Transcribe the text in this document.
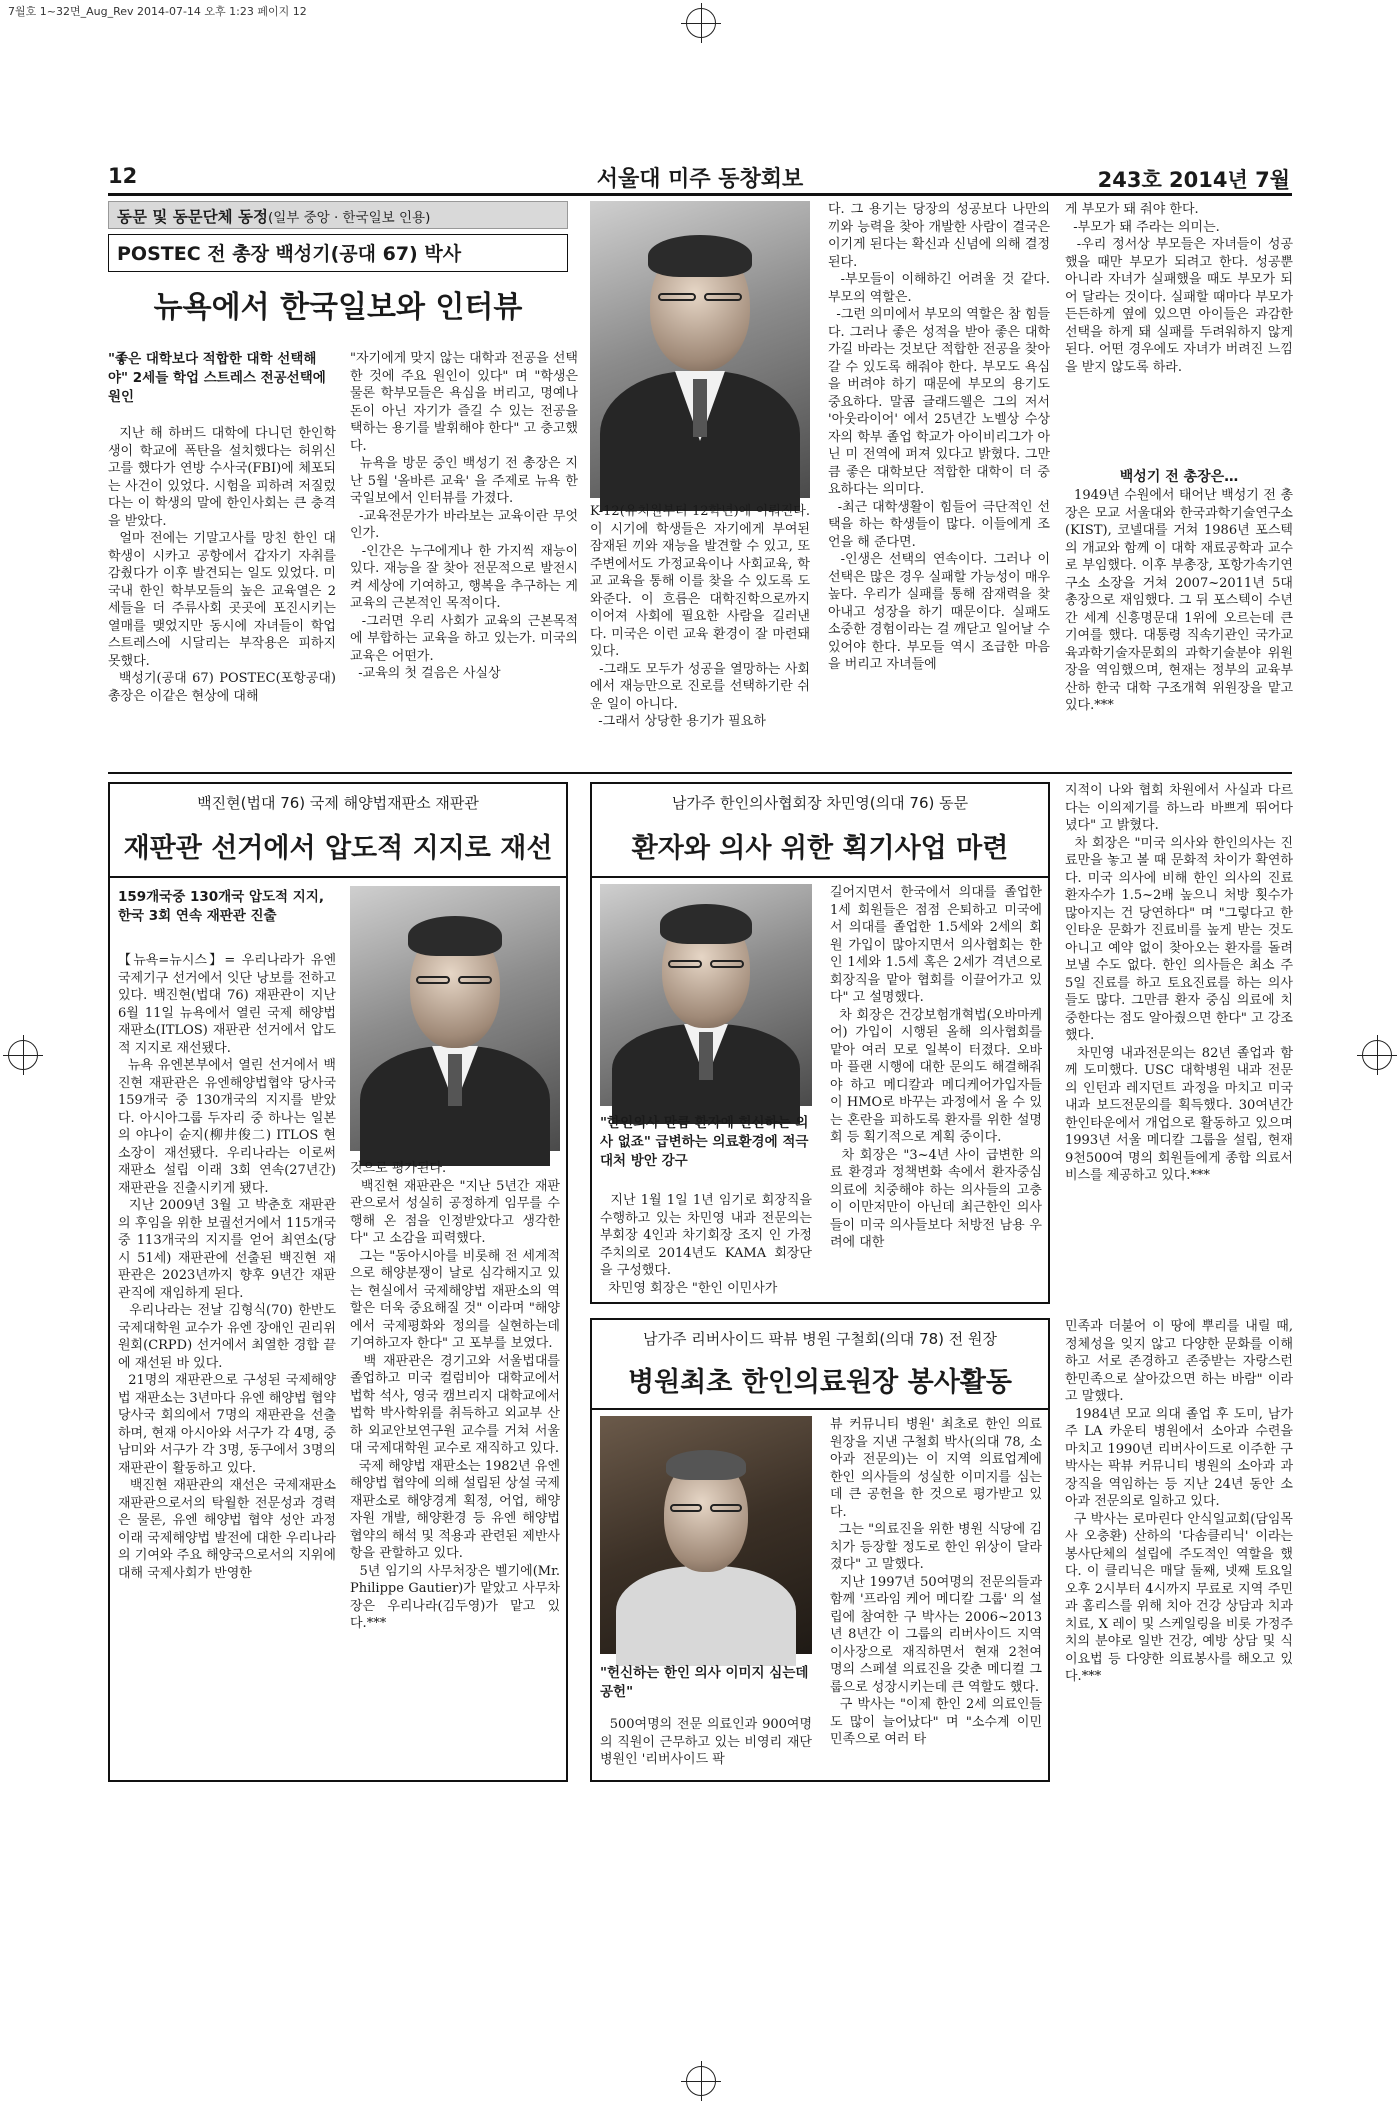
7월호 1~32면_Aug_Rev 2014-07-14 오후 1:23 페이지 12
12	서울대 미주 동창회보	243호 2014년 7월
동문 및 동문단체 동정(일부 중앙 · 한국일보 인용)
POSTEC 전 총장 백성기(공대 67) 박사
뉴욕에서 한국일보와 인터뷰
"좋은 대학보다 적합한 대학 선택해야" 2세들 학업 스트레스 전공선택에 원인
지난 해 하버드 대학에 다니던 한인학생이 학교에 폭탄을 설치했다는 허위신고를 했다가 연방 수사국(FBI)에 체포되는 사건이 있었다. 시험을 피하려 저질렀다는 이 학생의 말에 한인사회는 큰 충격을 받았다.
얼마 전에는 기말고사를 망친 한인 대학생이 시카고 공항에서 갑자기 자취를 감췄다가 이후 발견되는 일도 있었다. 미국내 한인 학부모들의 높은 교육열은 2세들을 더 주류사회 곳곳에 포진시키는 열매를 맺었지만 동시에 자녀들이 학업스트레스에 시달리는 부작용은 피하지 못했다.
백성기(공대 67) POSTEC(포항공대) 총장은 이같은 현상에 대해
"자기에게 맞지 않는 대학과 전공을 선택한 것에 주요 원인이 있다" 며 "학생은 물론 학부모들은 욕심을 버리고, 명예나 돈이 아닌 자기가 즐길 수 있는 전공을 택하는 용기를 발휘해야 한다" 고 충고했다.
뉴욕을 방문 중인 백성기 전 총장은 지난 5월 '올바른 교육' 을 주제로 뉴욕 한국일보에서 인터뷰를 가졌다.
-교육전문가가 바라보는 교육이란 무엇인가.
-인간은 누구에게나 한 가지씩 재능이 있다. 재능을 잘 찾아 전문적으로 발전시켜 세상에 기여하고, 행복을 추구하는 게 교육의 근본적인 목적이다.
-그러면 우리 사회가 교육의 근본목적에 부합하는 교육을 하고 있는가. 미국의 교육은 어떤가.
-교육의 첫 걸음은 사실상
K-12(유치원부터 12학년)에 이뤄진다. 이 시기에 학생들은 자기에게 부여된 잠재된 끼와 재능을 발견할 수 있고, 또 주변에서도 가정교육이나 사회교육, 학교 교육을 통해 이를 찾을 수 있도록 도와준다. 이 흐름은 대학진학으로까지 이어져 사회에 필요한 사람을 길러낸다. 미국은 이런 교육 환경이 잘 마련돼 있다.
-그래도 모두가 성공을 열망하는 사회에서 재능만으로 진로를 선택하기란 쉬운 일이 아니다.
-그래서 상당한 용기가 필요하
다. 그 용기는 당장의 성공보다 나만의 끼와 능력을 찾아 개발한 사람이 결국은 이기게 된다는 확신과 신념에 의해 결정된다.
-부모들이 이해하긴 어려울 것 같다. 부모의 역할은.
-그런 의미에서 부모의 역할은 참 힘들다. 그러나 좋은 성적을 받아 좋은 대학 가길 바라는 것보단 적합한 전공을 찾아 갈 수 있도록 해줘야 한다. 부모도 욕심을 버려야 하기 때문에 부모의 용기도 중요하다. 말콤 글래드웰은 그의 저서 '아웃라이어' 에서 25년간 노벨상 수상자의 학부 졸업 학교가 아이비리그가 아닌 미 전역에 퍼져 있다고 밝혔다. 그만큼 좋은 대학보단 적합한 대학이 더 중요하다는 의미다.
-최근 대학생활이 힘들어 극단적인 선택을 하는 학생들이 많다. 이들에게 조언을 해 준다면.
-인생은 선택의 연속이다. 그러나 이 선택은 많은 경우 실패할 가능성이 매우 높다. 우리가 실패를 통해 잠재력을 찾아내고 성장을 하기 때문이다. 실패도 소중한 경험이라는 걸 깨닫고 일어날 수 있어야 한다. 부모들 역시 조급한 마음을 버리고 자녀들에
게 부모가 돼 줘야 한다.
-부모가 돼 주라는 의미는.
-우리 정서상 부모들은 자녀들이 성공했을 때만 부모가 되려고 한다. 성공뿐 아니라 자녀가 실패했을 때도 부모가 되어 달라는 것이다. 실패할 때마다 부모가 든든하게 옆에 있으면 아이들은 과감한 선택을 하게 돼 실패를 두려워하지 않게 된다. 어떤 경우에도 자녀가 버려진 느낌을 받지 않도록 하라.
백성기 전 총장은…
1949년 수원에서 태어난 백성기 전 총장은 모교 서울대와 한국과학기술연구소(KIST), 코넬대를 거쳐 1986년 포스텍의 개교와 함께 이 대학 재료공학과 교수로 부임했다. 이후 부총장, 포항가속기연구소 소장을 거쳐 2007~2011년 5대 총장으로 재임했다. 그 뒤 포스텍이 수년간 세계 신흥명문대 1위에 오르는데 큰 기여를 했다. 대통령 직속기관인 국가교육과학기술자문회의 과학기술분야 위원장을 역임했으며, 현재는 정부의 교육부 산하 한국 대학 구조개혁 위원장을 맡고 있다.***
백진현(법대 76) 국제 해양법재판소 재판관
재판관 선거에서 압도적 지지로 재선
159개국중 130개국 압도적 지지, 한국 3회 연속 재판관 진출
【뉴욕=뉴시스】= 우리나라가 유엔 국제기구 선거에서 잇단 낭보를 전하고 있다. 백진현(법대 76) 재판관이 지난 6월 11일 뉴욕에서 열린 국제 해양법 재판소(ITLOS) 재판관 선거에서 압도적 지지로 재선됐다.
뉴욕 유엔본부에서 열린 선거에서 백진현 재판관은 유엔해양법협약 당사국 159개국 중 130개국의 지지를 받았다. 아시아그룹 두자리 중 하나는 일본의 야나이 슌지(柳井俊二) ITLOS 현 소장이 재선됐다. 우리나라는 이로써 재판소 설립 이래 3회 연속(27년간) 재판관을 진출시키게 됐다.
지난 2009년 3월 고 박춘호 재판관의 후임을 위한 보궐선거에서 115개국 중 113개국의 지지를 얻어 최연소(당시 51세) 재판관에 선출된 백진현 재판관은 2023년까지 향후 9년간 재판관직에 재임하게 된다.
우리나라는 전날 김형식(70) 한반도 국제대학원 교수가 유엔 장애인 권리위원회(CRPD) 선거에서 최열한 경합 끝에 재선된 바 있다.
21명의 재판관으로 구성된 국제해양법 재판소는 3년마다 유엔 해양법 협약 당사국 회의에서 7명의 재판관을 선출하며, 현재 아시아와 서구가 각 4명, 중남미와 서구가 각 3명, 동구에서 3명의 재판관이 활동하고 있다.
백진현 재판관의 재선은 국제재판소 재판관으로서의 탁월한 전문성과 경력은 물론, 유엔 해양법 협약 성안 과정 이래 국제해양법 발전에 대한 우리나라의 기여와 주요 해양국으로서의 지위에 대해 국제사회가 반영한
것으로 평가된다.
백진현 재판관은 "지난 5년간 재판관으로서 성실히 공정하게 임무를 수행해 온 점을 인정받았다고 생각한다" 고 소감을 피력했다.
그는 "동아시아를 비롯해 전 세계적으로 해양분쟁이 날로 심각해지고 있는 현실에서 국제해양법 재판소의 역할은 더욱 중요해질 것" 이라며 "해양에서 국제평화와 정의를 실현하는데 기여하고자 한다" 고 포부를 보였다.
백 재판관은 경기고와 서울법대를 졸업하고 미국 컬럼비아 대학교에서 법학 석사, 영국 캠브리지 대학교에서 법학 박사학위를 취득하고 외교부 산하 외교안보연구원 교수를 거쳐 서울대 국제대학원 교수로 재직하고 있다.
국제 해양법 재판소는 1982년 유엔 해양법 협약에 의해 설립된 상설 국제재판소로 해양경계 획정, 어업, 해양자원 개발, 해양환경 등 유엔 해양법 협약의 해석 및 적용과 관련된 제반사항을 관할하고 있다.
5년 임기의 사무처장은 벨기에(Mr. Philippe Gautier)가 맡았고 사무차장은 우리나라(김두영)가 맡고 있다.***
남가주 한인의사협회장 차민영(의대 76) 동문
환자와 의사 위한 획기사업 마련
"한인의사 만큼 환자에 헌신하는 의사 없죠" 급변하는 의료환경에 적극 대처 방안 강구
지난 1월 1일 1년 임기로 회장직을 수행하고 있는 차민영 내과 전문의는 부회장 4인과 차기회장 조지 인 가정주치의로 2014년도 KAMA 회장단을 구성했다.
차민영 회장은 "한인 이민사가
길어지면서 한국에서 의대를 졸업한 1세 회원들은 점점 은퇴하고 미국에서 의대를 졸업한 1.5세와 2세의 회원 가입이 많아지면서 의사협회는 한인 1세와 1.5세 혹은 2세가 격년으로 회장직을 맡아 협회를 이끌어가고 있다" 고 설명했다.
차 회장은 건강보험개혁법(오바마케어) 가입이 시행된 올해 의사협회를 맡아 여러 모로 일복이 터졌다. 오바마 플랜 시행에 대한 문의도 해결해줘야 하고 메디칼과 메디케어가입자들이 HMO로 바꾸는 과정에서 올 수 있는 혼란을 피하도록 환자를 위한 설명회 등 획기적으로 계획 중이다.
차 회장은 "3~4년 사이 급변한 의료 환경과 정책변화 속에서 환자중심 의료에 치중해야 하는 의사들의 고충이 이만저만이 아닌데 최근한인 의사들이 미국 의사들보다 처방전 남용 우려에 대한
지적이 나와 협회 차원에서 사실과 다르다는 이의제기를 하느라 바쁘게 뛰어다녔다" 고 밝혔다.
차 회장은 "미국 의사와 한인의사는 진료만을 놓고 볼 때 문화적 차이가 확연하다. 미국 의사에 비해 한인 의사의 진료 환자수가 1.5~2배 높으니 처방 횟수가 많아지는 건 당연하다" 며 "그렇다고 한인타운 문화가 진료비를 높게 받는 것도 아니고 예약 없이 찾아오는 환자를 돌려보낼 수도 없다. 한인 의사들은 최소 주 5일 진료를 하고 토요진료를 하는 의사들도 많다. 그만큼 환자 중심 의료에 치중한다는 점도 알아줬으면 한다" 고 강조했다.
차민영 내과전문의는 82년 졸업과 함께 도미했다. USC 대학병원 내과 전문의 인턴과 레지던트 과정을 마치고 미국 내과 보드전문의를 획득했다. 30여년간 한인타운에서 개업으로 활동하고 있으며 1993년 서울 메디칼 그룹을 설립, 현재 9천500여 명의 회원들에게 종합 의료서비스를 제공하고 있다.***
남가주 리버사이드 팍뷰 병원 구철회(의대 78) 전 원장
병원최초 한인의료원장 봉사활동
"헌신하는 한인 의사 이미지 심는데 공헌"
500여명의 전문 의료인과 900여명의 직원이 근무하고 있는 비영리 재단 병원인 '리버사이드 팍
뷰 커뮤니티 병원' 최초로 한인 의료원장을 지낸 구철회 박사(의대 78, 소아과 전문의)는 이 지역 의료업계에 한인 의사들의 성실한 이미지를 심는데 큰 공헌을 한 것으로 평가받고 있다.
그는 "의료진을 위한 병원 식당에 김치가 등장할 정도로 한인 위상이 달라졌다" 고 말했다.
지난 1997년 50여명의 전문의들과 함께 '프라임 케어 메디칼 그룹' 의 설립에 참여한 구 박사는 2006~2013년 8년간 이 그룹의 리버사이드 지역 이사장으로 재직하면서 현재 2천여 명의 스페셜 의료진을 갖춘 메디컬 그룹으로 성장시키는데 큰 역할도 했다.
구 박사는 "이제 한인 2세 의료인들도 많이 늘어났다" 며 "소수계 이민 민족으로 여러 타
민족과 더불어 이 땅에 뿌리를 내릴 때, 정체성을 잊지 않고 다양한 문화를 이해하고 서로 존경하고 존중받는 자랑스런 한민족으로 살아갔으면 하는 바람" 이라고 말했다.
1984년 모교 의대 졸업 후 도미, 남가주 LA 카운티 병원에서 소아과 수련을 마치고 1990년 리버사이드로 이주한 구 박사는 팍뷰 커뮤니티 병원의 소아과 과장직을 역임하는 등 지난 24년 동안 소아과 전문의로 일하고 있다.
구 박사는 로마린다 안식일교회(담임목사 오충환) 산하의 '다솜클리닉' 이라는 봉사단체의 설립에 주도적인 역할을 했다. 이 클리닉은 매달 둘째, 넷째 토요일 오후 2시부터 4시까지 무료로 지역 주민과 홈리스를 위해 치아 건강 상담과 치과치료, X 레이 및 스케일링을 비롯 가정주치의 분야로 일반 건강, 예방 상담 및 식이요법 등 다양한 의료봉사를 해오고 있다.***
